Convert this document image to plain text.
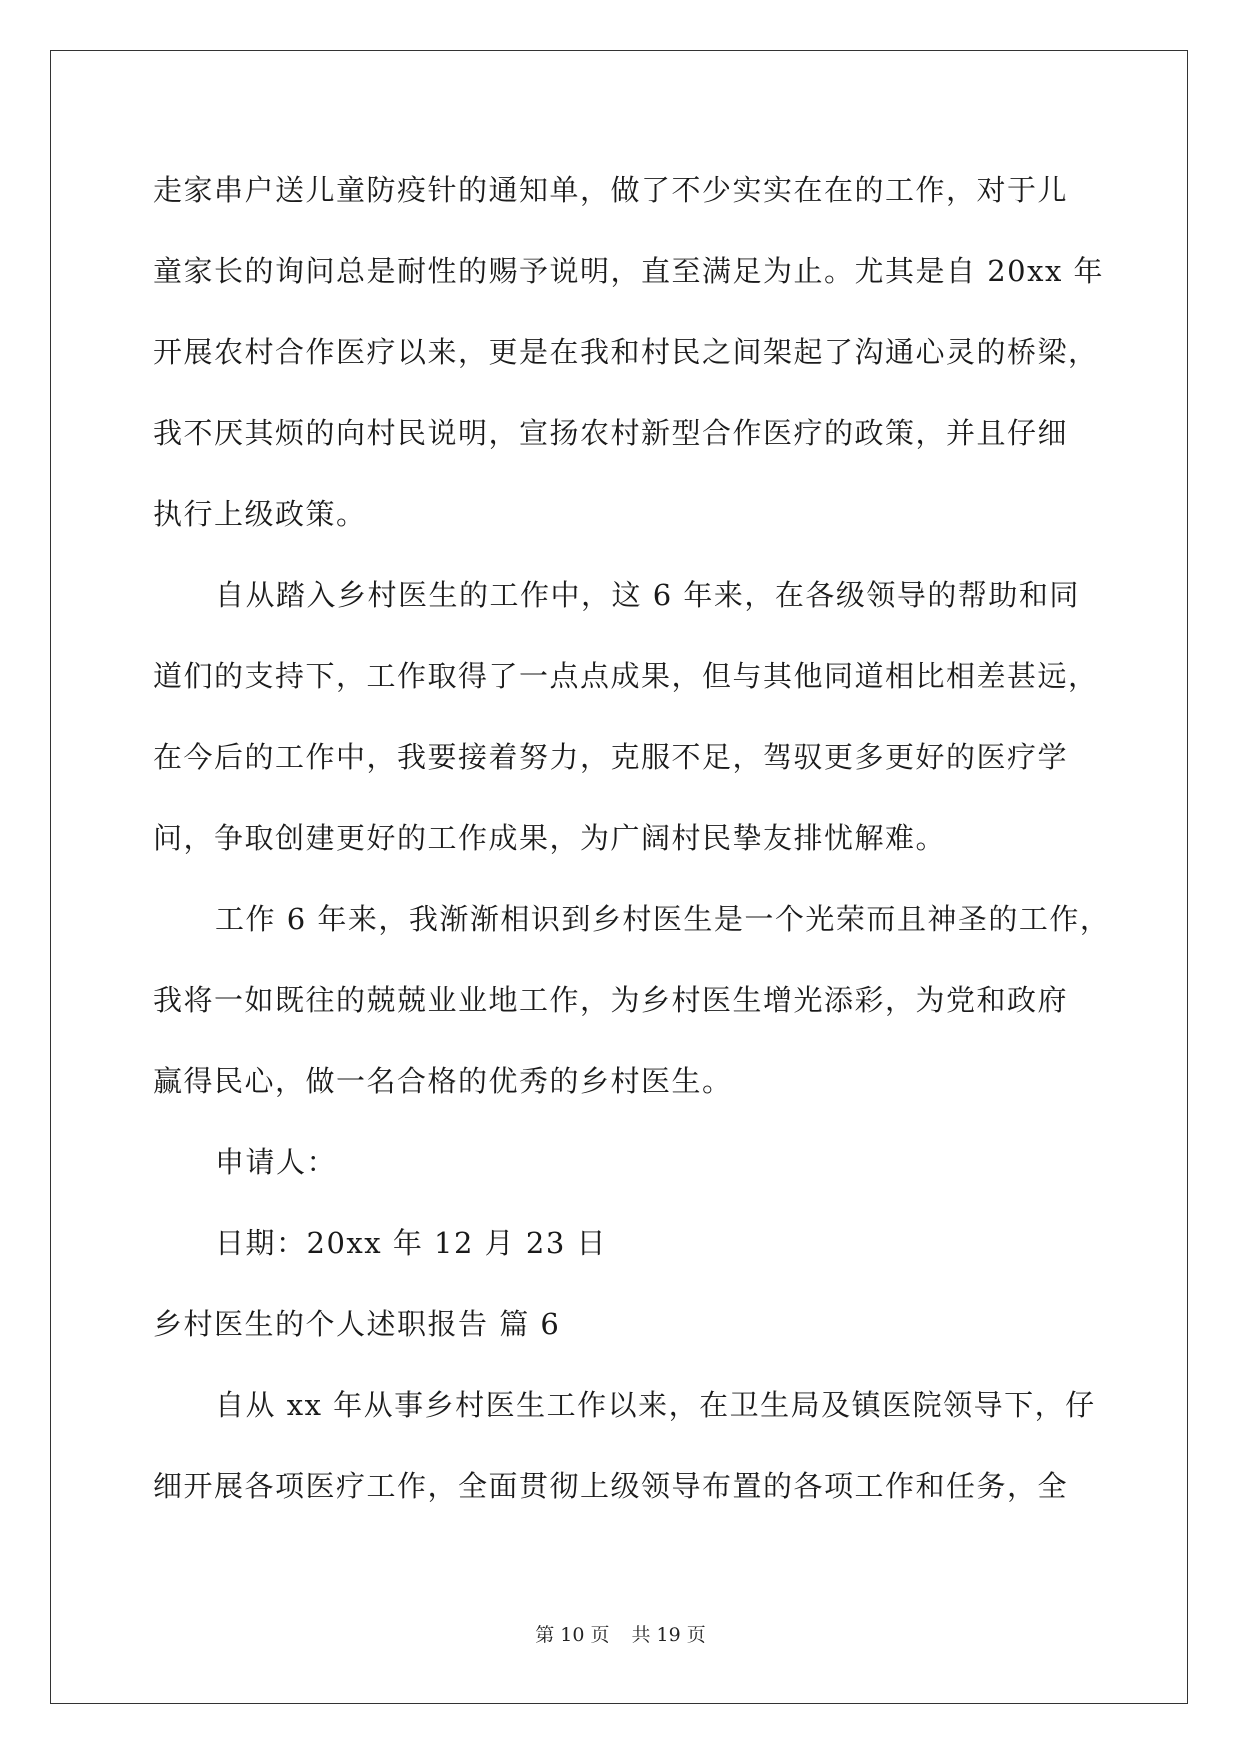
走家串户送儿童防疫针的通知单，做了不少实实在在的工作，对于儿
童家长的询问总是耐性的赐予说明，直至满足为止。尤其是自 20xx 年
开展农村合作医疗以来，更是在我和村民之间架起了沟通心灵的桥梁，
我不厌其烦的向村民说明，宣扬农村新型合作医疗的政策，并且仔细
执行上级政策。
自从踏入乡村医生的工作中，这 6 年来，在各级领导的帮助和同
道们的支持下，工作取得了一点点成果，但与其他同道相比相差甚远，
在今后的工作中，我要接着努力，克服不足，驾驭更多更好的医疗学
问，争取创建更好的工作成果，为广阔村民挚友排忧解难。
工作 6 年来，我渐渐相识到乡村医生是一个光荣而且神圣的工作，
我将一如既往的兢兢业业地工作，为乡村医生增光添彩，为党和政府
赢得民心，做一名合格的优秀的乡村医生。
申请人：
日期：20xx 年 12 月 23 日
乡村医生的个人述职报告 篇 6
自从 xx 年从事乡村医生工作以来，在卫生局及镇医院领导下，仔
细开展各项医疗工作，全面贯彻上级领导布置的各项工作和任务，全
第 10 页 共 19 页
